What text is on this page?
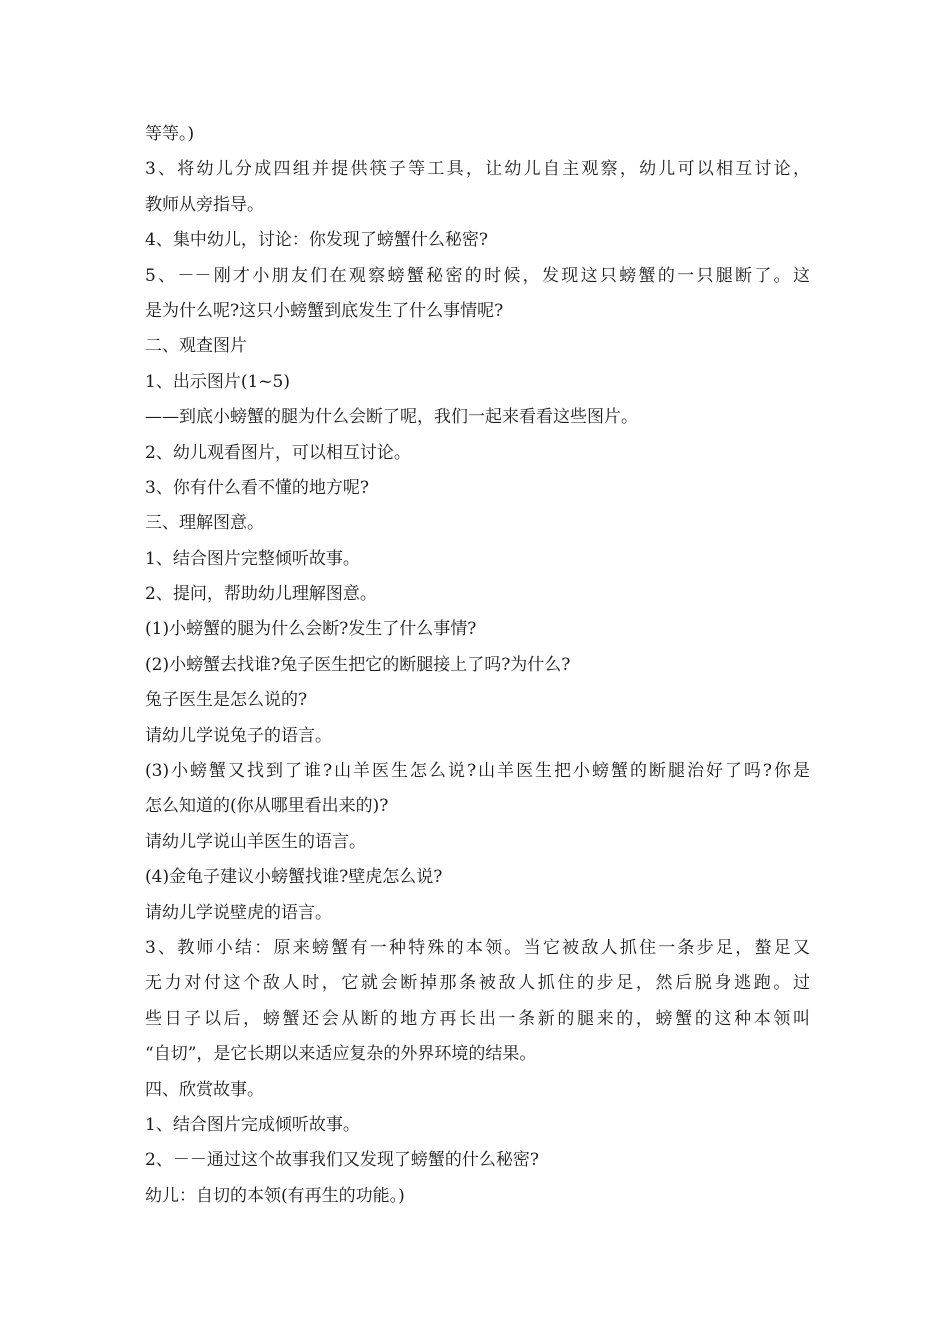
等等。)
3、将幼儿分成四组并提供筷子等工具，让幼儿自主观察，幼儿可以相互讨论，
教师从旁指导。
4、集中幼儿，讨论：你发现了螃蟹什么秘密?
5、－－刚才小朋友们在观察螃蟹秘密的时候，发现这只螃蟹的一只腿断了。这
是为什么呢?这只小螃蟹到底发生了什么事情呢?
二、观查图片
1、出示图片(1~5)
——到底小螃蟹的腿为什么会断了呢，我们一起来看看这些图片。
2、幼儿观看图片，可以相互讨论。
3、你有什么看不懂的地方呢?
三、理解图意。
1、结合图片完整倾听故事。
2、提问，帮助幼儿理解图意。
(1)小螃蟹的腿为什么会断?发生了什么事情?
(2)小螃蟹去找谁?兔子医生把它的断腿接上了吗?为什么?
兔子医生是怎么说的?
请幼儿学说兔子的语言。
(3)小螃蟹又找到了谁?山羊医生怎么说?山羊医生把小螃蟹的断腿治好了吗?你是
怎么知道的(你从哪里看出来的)?
请幼儿学说山羊医生的语言。
(4)金龟子建议小螃蟹找谁?壁虎怎么说?
请幼儿学说壁虎的语言。
3、教师小结：原来螃蟹有一种特殊的本领。当它被敌人抓住一条步足，螯足又
无力对付这个敌人时，它就会断掉那条被敌人抓住的步足，然后脱身逃跑。过
些日子以后，螃蟹还会从断的地方再长出一条新的腿来的，螃蟹的这种本领叫
“自切”，是它长期以来适应复杂的外界环境的结果。
四、欣赏故事。
1、结合图片完成倾听故事。
2、－－通过这个故事我们又发现了螃蟹的什么秘密?
幼儿：自切的本领(有再生的功能。)
